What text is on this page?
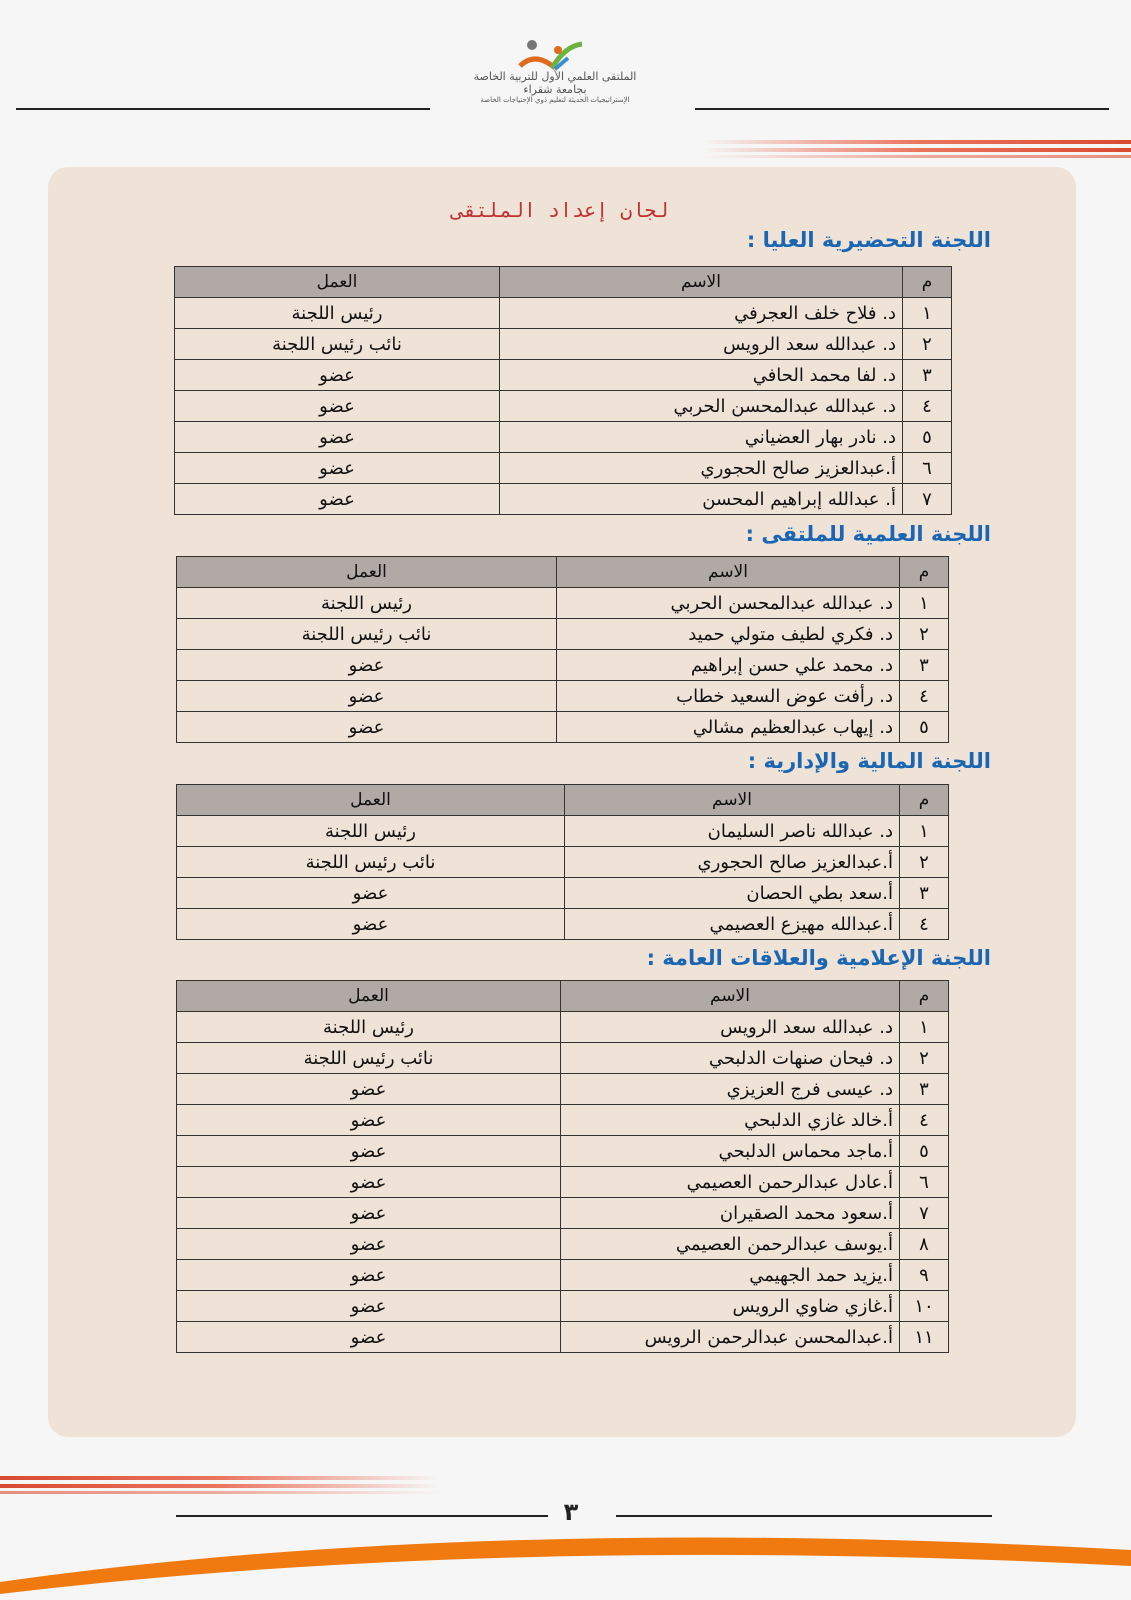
الملتقى العلمي الأول للتربية الخاصة
بجامعة شقراء
الإستراتيجيات الحديثة لتعليم ذوي الإحتياجات الخاصة
لجان إعداد الملتقى
اللجنة التحضيرية العليا :
م	الاسم	العمل
١	د. فلاح خلف العجرفي	رئيس اللجنة
٢	د. عبدالله سعد الرويس	نائب رئيس اللجنة
٣	د. لفا محمد الحافي	عضو
٤	د. عبدالله عبدالمحسن الحربي	عضو
٥	د. نادر بهار العضياني	عضو
٦	أ.عبدالعزيز صالح الحجوري	عضو
٧	أ. عبدالله إبراهيم المحسن	عضو
اللجنة العلمية للملتقى :
م	الاسم	العمل
١	د. عبدالله عبدالمحسن الحربي	رئيس اللجنة
٢	د. فكري لطيف متولي حميد	نائب رئيس اللجنة
٣	د. محمد علي حسن إبراهيم	عضو
٤	د. رأفت عوض السعيد خطاب	عضو
٥	د. إيهاب عبدالعظيم مشالي	عضو
اللجنة المالية والإدارية :
م	الاسم	العمل
١	د. عبدالله ناصر السليمان	رئيس اللجنة
٢	أ.عبدالعزيز صالح الحجوري	نائب رئيس اللجنة
٣	أ.سعد بطي الحصان	عضو
٤	أ.عبدالله مهيزع العصيمي	عضو
اللجنة الإعلامية والعلاقات العامة :
م	الاسم	العمل
١	د. عبدالله سعد الرويس	رئيس اللجنة
٢	د. فيحان صنهات الدلبحي	نائب رئيس اللجنة
٣	د. عيسى فرج العزيزي	عضو
٤	أ.خالد غازي الدلبحي	عضو
٥	أ.ماجد محماس الدلبحي	عضو
٦	أ.عادل عبدالرحمن العصيمي	عضو
٧	أ.سعود محمد الصقيران	عضو
٨	أ.يوسف عبدالرحمن العصيمي	عضو
٩	أ.يزيد حمد الجهيمي	عضو
١٠	أ.غازي ضاوي الرويس	عضو
١١	أ.عبدالمحسن عبدالرحمن الرويس	عضو
٣
